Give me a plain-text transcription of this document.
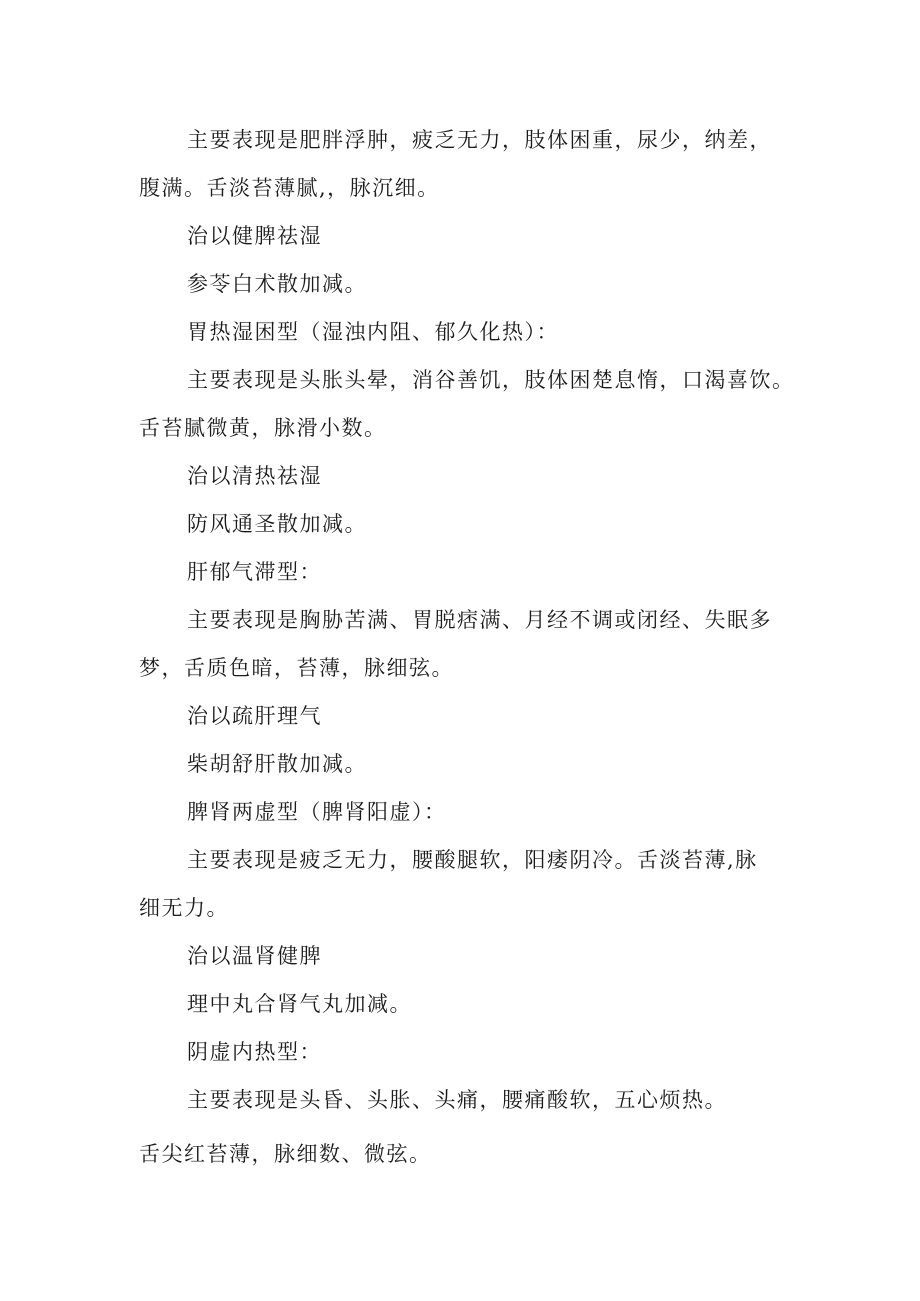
主要表现是肥胖浮肿，疲乏无力，肢体困重，尿少，纳差，
腹满。舌淡苔薄腻,，脉沉细。
治以健脾祛湿
参苓白术散加减。
胃热湿困型（湿浊内阻、郁久化热）：
主要表现是头胀头晕，消谷善饥，肢体困楚息惰，口渴喜饮。
舌苔腻微黄，脉滑小数。
治以清热祛湿
防风通圣散加减。
肝郁气滞型：
主要表现是胸胁苦满、胃脱痞满、月经不调或闭经、失眠多
梦，舌质色暗，苔薄，脉细弦。
治以疏肝理气
柴胡舒肝散加减。
脾肾两虚型（脾肾阳虚）：
主要表现是疲乏无力，腰酸腿软，阳痿阴冷。舌淡苔薄,脉
细无力。
治以温肾健脾
理中丸合肾气丸加减。
阴虚内热型：
主要表现是头昏、头胀、头痛，腰痛酸软，五心烦热。
舌尖红苔薄，脉细数、微弦。
